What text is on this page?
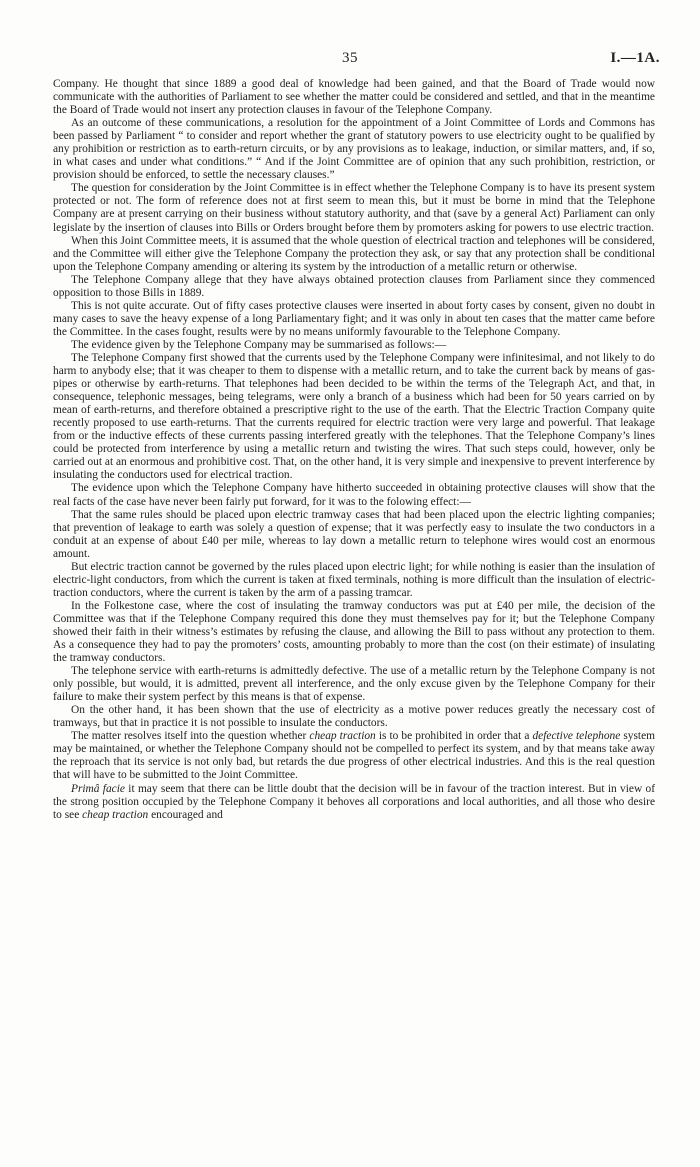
35	I.—1A.

Company. He thought that since 1889 a good deal of knowledge had been gained, and that the Board of Trade would now communicate with the authorities of Parliament to see whether the matter could be considered and settled, and that in the meantime the Board of Trade would not insert any protection clauses in favour of the Telephone Company.

As an outcome of these communications, a resolution for the appointment of a Joint Committee of Lords and Commons has been passed by Parliament “ to consider and report whether the grant of statutory powers to use electricity ought to be qualified by any prohibition or restriction as to earth-return circuits, or by any provisions as to leakage, induction, or similar matters, and, if so, in what cases and under what conditions.” “ And if the Joint Committee are of opinion that any such prohibition, restriction, or provision should be enforced, to settle the necessary clauses.”

The question for consideration by the Joint Committee is in effect whether the Telephone Company is to have its present system protected or not. The form of reference does not at first seem to mean this, but it must be borne in mind that the Telephone Company are at present carrying on their business without statutory authority, and that (save by a general Act) Parliament can only legislate by the insertion of clauses into Bills or Orders brought before them by promoters asking for powers to use electric traction.

When this Joint Committee meets, it is assumed that the whole question of electrical traction and telephones will be considered, and the Committee will either give the Telephone Company the protection they ask, or say that any protection shall be conditional upon the Telephone Company amending or altering its system by the introduction of a metallic return or otherwise.

The Telephone Company allege that they have always obtained protection clauses from Parliament since they commenced opposition to those Bills in 1889.

This is not quite accurate. Out of fifty cases protective clauses were inserted in about forty cases by consent, given no doubt in many cases to save the heavy expense of a long Parliamentary fight; and it was only in about ten cases that the matter came before the Committee. In the cases fought, results were by no means uniformly favourable to the Telephone Company.

The evidence given by the Telephone Company may be summarised as follows:—

The Telephone Company first showed that the currents used by the Telephone Company were infinitesimal, and not likely to do harm to anybody else; that it was cheaper to them to dispense with a metallic return, and to take the current back by means of gas-pipes or otherwise by earth-returns. That telephones had been decided to be within the terms of the Telegraph Act, and that, in consequence, telephonic messages, being telegrams, were only a branch of a business which had been for 50 years carried on by mean of earth-returns, and therefore obtained a prescriptive right to the use of the earth. That the Electric Traction Company quite recently proposed to use earth-returns. That the currents required for electric traction were very large and powerful. That leakage from or the inductive effects of these currents passing interfered greatly with the telephones. That the Telephone Company’s lines could be protected from interference by using a metallic return and twisting the wires. That such steps could, however, only be carried out at an enormous and prohibitive cost. That, on the other hand, it is very simple and inexpensive to prevent interference by insulating the conductors used for electrical traction.

The evidence upon which the Telephone Company have hitherto succeeded in obtaining protective clauses will show that the real facts of the case have never been fairly put forward, for it was to the folowing effect:—

That the same rules should be placed upon electric tramway cases that had been placed upon the electric lighting companies; that prevention of leakage to earth was solely a question of expense; that it was perfectly easy to insulate the two conductors in a conduit at an expense of about £40 per mile, whereas to lay down a metallic return to telephone wires would cost an enormous amount.

But electric traction cannot be governed by the rules placed upon electric light; for while nothing is easier than the insulation of electric-light conductors, from which the current is taken at fixed terminals, nothing is more difficult than the insulation of electric-traction conductors, where the current is taken by the arm of a passing tramcar.

In the Folkestone case, where the cost of insulating the tramway conductors was put at £40 per mile, the decision of the Committee was that if the Telephone Company required this done they must themselves pay for it; but the Telephone Company showed their faith in their witness’s estimates by refusing the clause, and allowing the Bill to pass without any protection to them. As a consequence they had to pay the promoters’ costs, amounting probably to more than the cost (on their estimate) of insulating the tramway conductors.

The telephone service with earth-returns is admittedly defective. The use of a metallic return by the Telephone Company is not only possible, but would, it is admitted, prevent all interference, and the only excuse given by the Telephone Company for their failure to make their system perfect by this means is that of expense.

On the other hand, it has been shown that the use of electricity as a motive power reduces greatly the necessary cost of tramways, but that in practice it is not possible to insulate the conductors.

The matter resolves itself into the question whether cheap traction is to be prohibited in order that a defective telephone system may be maintained, or whether the Telephone Company should not be compelled to perfect its system, and by that means take away the reproach that its service is not only bad, but retards the due progress of other electrical industries. And this is the real question that will have to be submitted to the Joint Committee.

Primâ facie it may seem that there can be little doubt that the decision will be in favour of the traction interest. But in view of the strong position occupied by the Telephone Company it behoves all corporations and local authorities, and all those who desire to see cheap traction encouraged and
